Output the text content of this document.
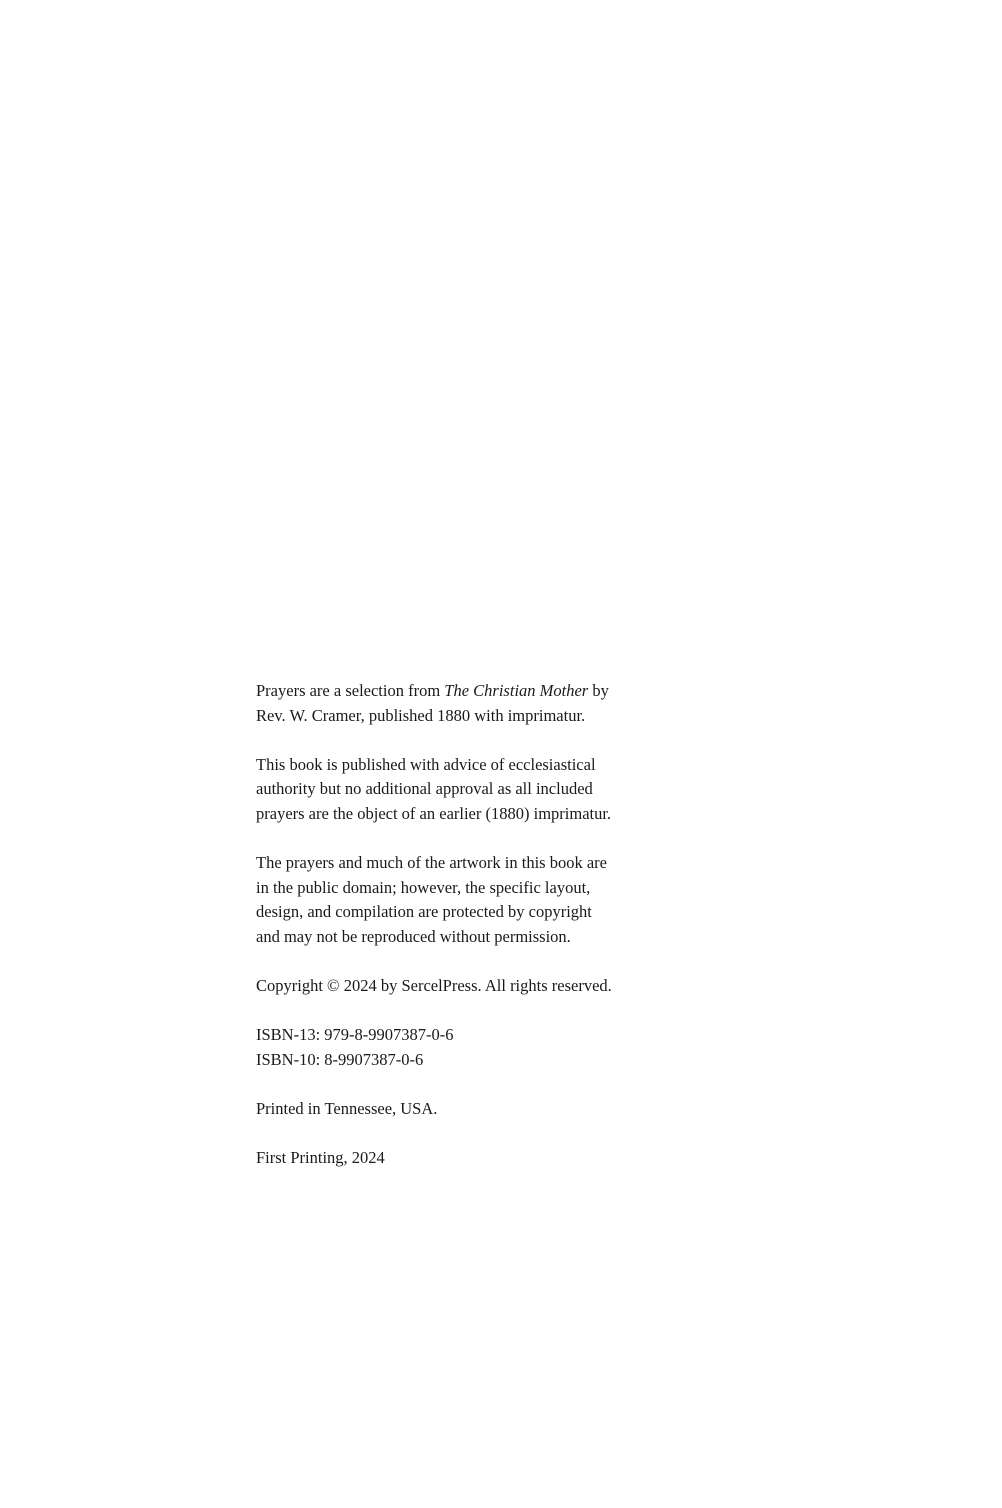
Prayers are a selection from The Christian Mother by
Rev. W. Cramer, published 1880 with imprimatur.

This book is published with advice of ecclesiastical
authority but no additional approval as all included
prayers are the object of an earlier (1880) imprimatur.

The prayers and much of the artwork in this book are
in the public domain; however, the specific layout,
design, and compilation are protected by copyright
and may not be reproduced without permission.

Copyright © 2024 by SercelPress. All rights reserved.

ISBN-13: 979-8-9907387-0-6
ISBN-10: 8-9907387-0-6

Printed in Tennessee, USA.

First Printing, 2024
